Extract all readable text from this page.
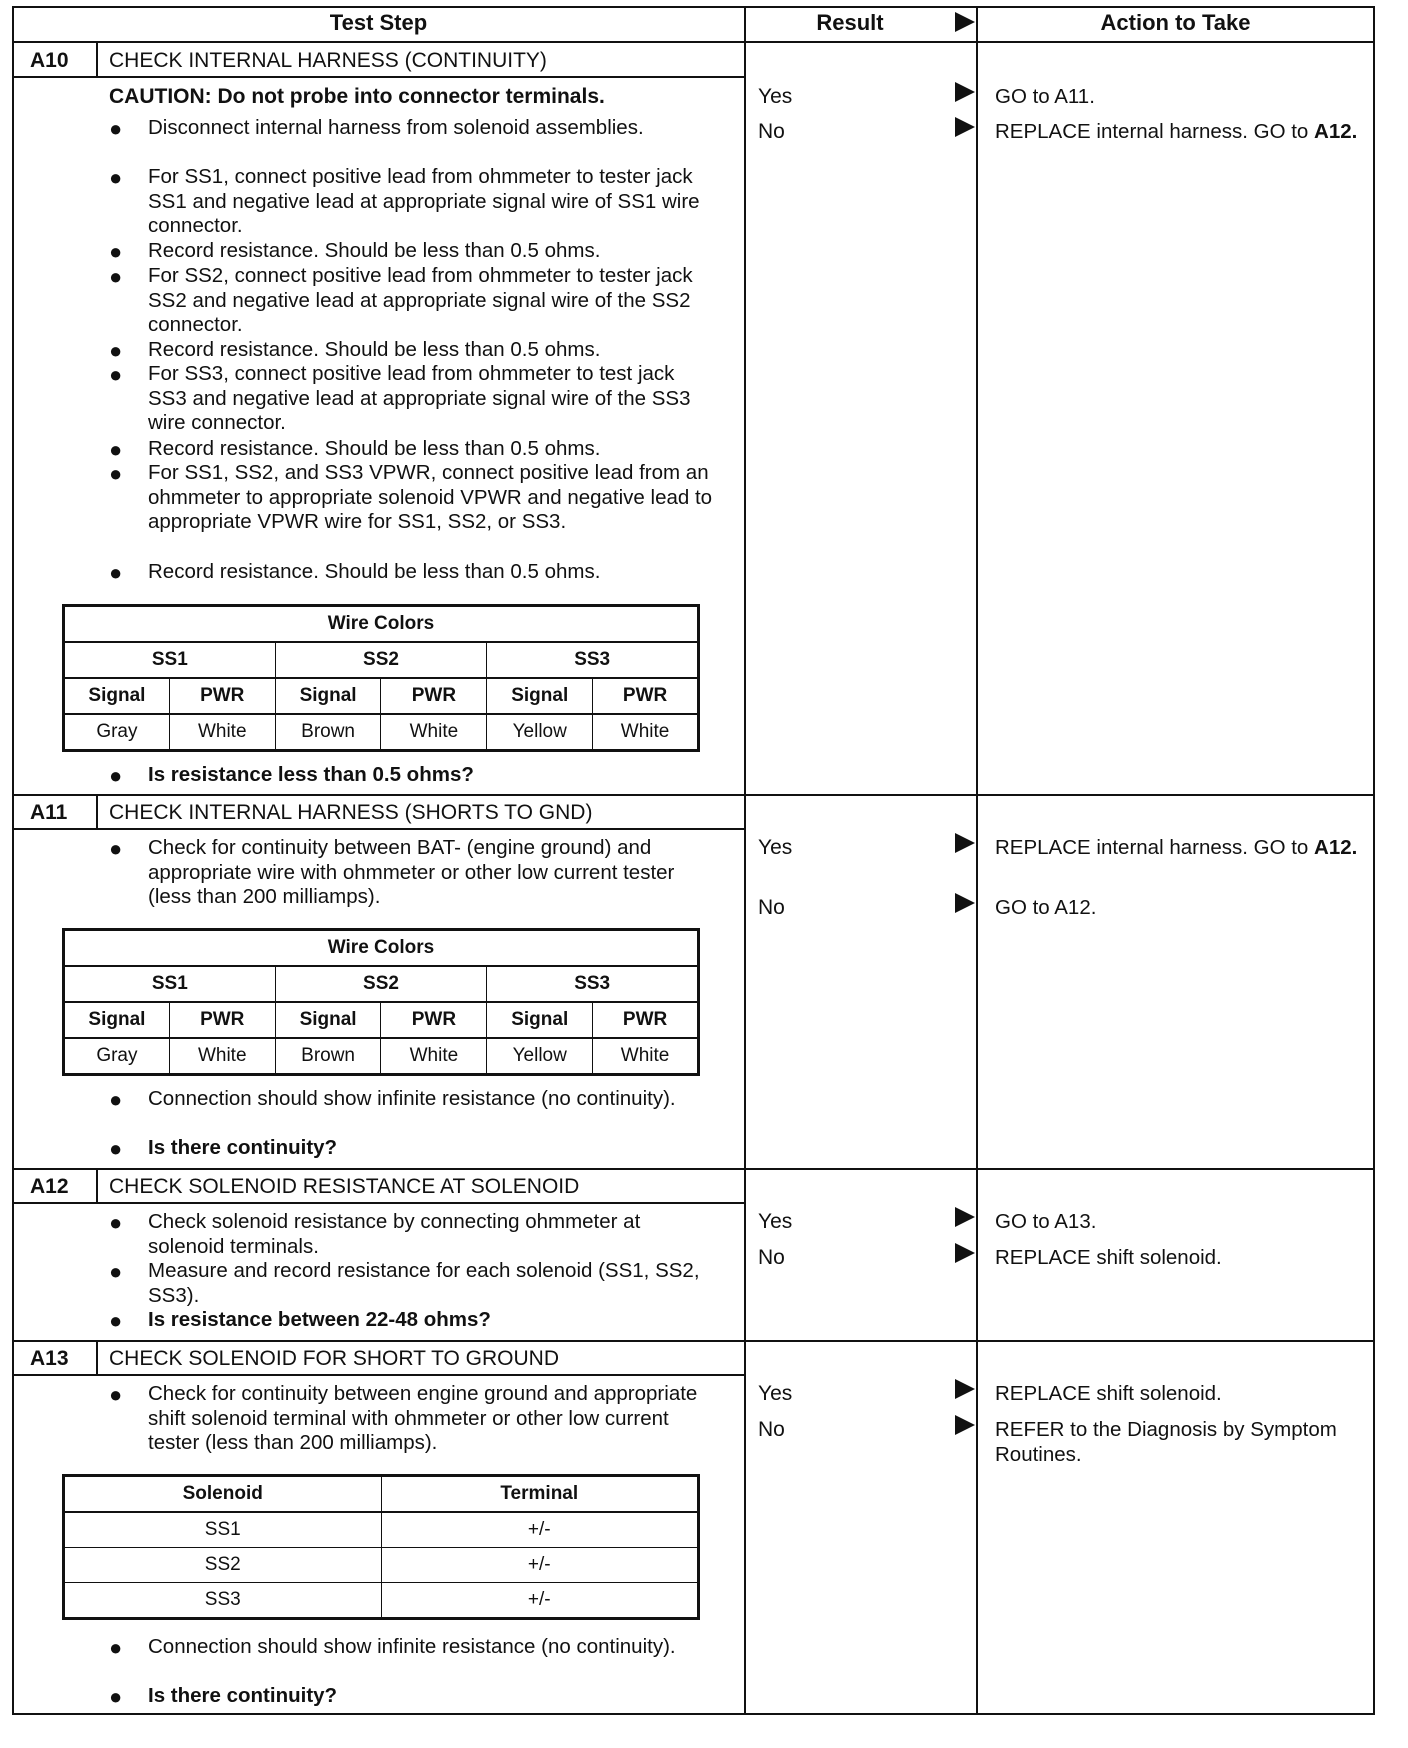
Test Step	Result	Action to Take
A10 CHECK INTERNAL HARNESS (CONTINUITY)
CAUTION: Do not probe into connector terminals.
●	Disconnect internal harness from solenoid assemblies.
●	For SS1, connect positive lead from ohmmeter to tester jack SS1 and negative lead at appropriate signal wire of SS1 wire connector.
●	Record resistance. Should be less than 0.5 ohms.
●	For SS2, connect positive lead from ohmmeter to tester jack SS2 and negative lead at appropriate signal wire of the SS2 connector.
●	Record resistance. Should be less than 0.5 ohms.
●	For SS3, connect positive lead from ohmmeter to test jack SS3 and negative lead at appropriate signal wire of the SS3 wire connector.
●	Record resistance. Should be less than 0.5 ohms.
●	For SS1, SS2, and SS3 VPWR, connect positive lead from an ohmmeter to appropriate solenoid VPWR and negative lead to appropriate VPWR wire for SS1, SS2, or SS3.
●	Record resistance. Should be less than 0.5 ohms.
Wire Colors					
SS1		SS2		SS3	
Signal	PWR	Signal	PWR	Signal	PWR
Gray	White	Brown	White	Yellow	White
●	Is resistance less than 0.5 ohms?
Yes	GO to A11.
No	REPLACE internal harness. GO to A12.
A11 CHECK INTERNAL HARNESS (SHORTS TO GND)
●	Check for continuity between BAT- (engine ground) and appropriate wire with ohmmeter or other low current tester (less than 200 milliamps).
Wire Colors					
SS1		SS2		SS3	
Signal	PWR	Signal	PWR	Signal	PWR
Gray	White	Brown	White	Yellow	White
●	Connection should show infinite resistance (no continuity).
●	Is there continuity?
Yes	REPLACE internal harness. GO to A12.
No	GO to A12.
A12 CHECK SOLENOID RESISTANCE AT SOLENOID
●	Check solenoid resistance by connecting ohmmeter at solenoid terminals.
●	Measure and record resistance for each solenoid (SS1, SS2, SS3).
●	Is resistance between 22-48 ohms?
Yes	GO to A13.
No	REPLACE shift solenoid.
A13 CHECK SOLENOID FOR SHORT TO GROUND
●	Check for continuity between engine ground and appropriate shift solenoid terminal with ohmmeter or other low current tester (less than 200 milliamps).
Solenoid	Terminal
SS1	+/-
SS2	+/-
SS3	+/-
●	Connection should show infinite resistance (no continuity).
●	Is there continuity?
Yes	REPLACE shift solenoid.
No	REFER to the Diagnosis by Symptom Routines.
